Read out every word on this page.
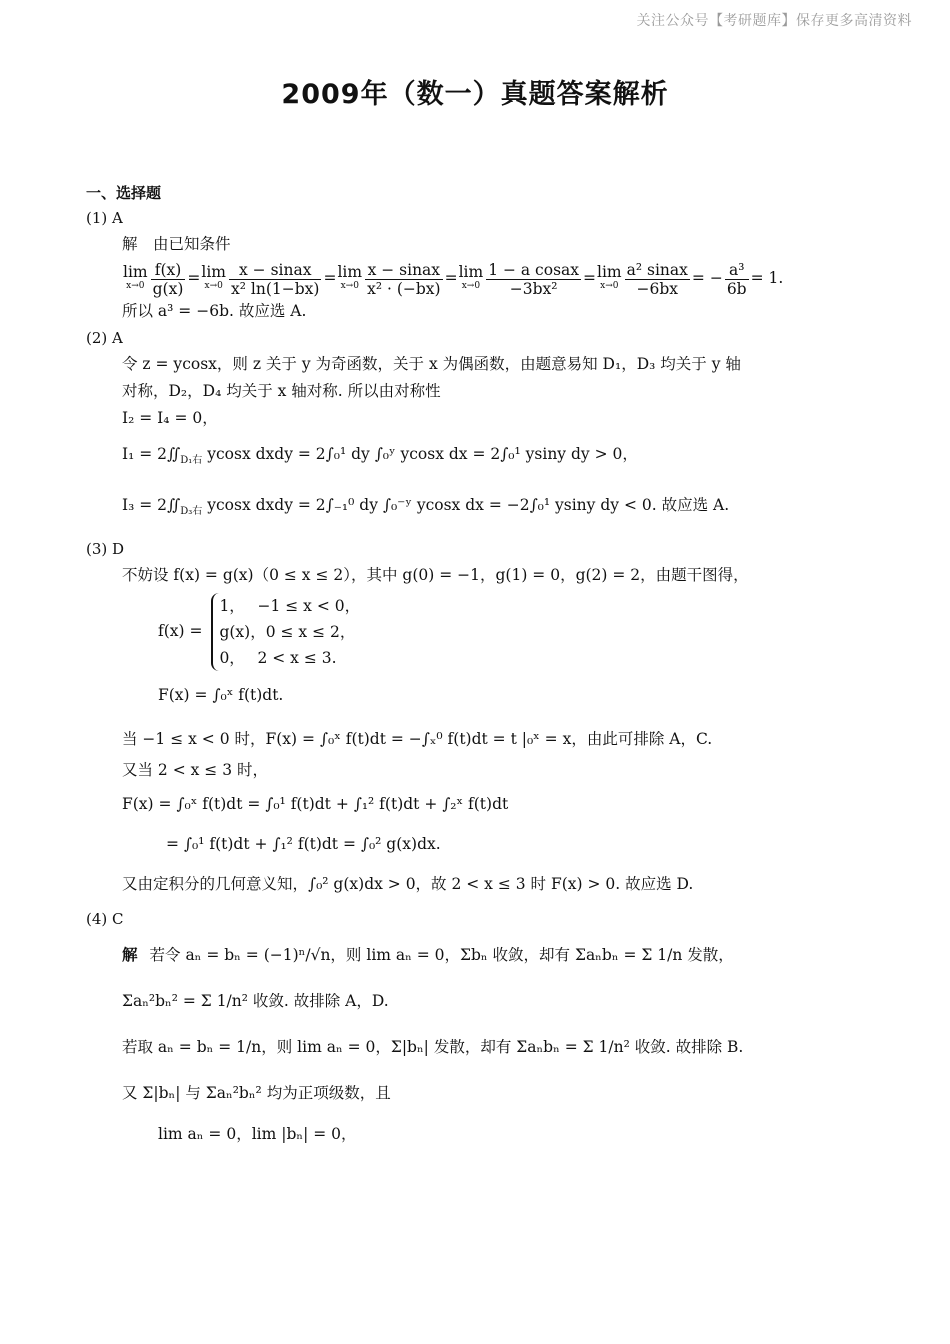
关注公众号【考研题库】保存更多高清资料
2009年（数一）真题答案解析
一、选择题
(1) A
解　由已知条件
lim
$x\to 0 \frac{f(x)}{g(x)} =\lim$
$x\to 0 \frac{\text{x − sinax}}{\text{x² ln(1−bx)}} =\lim$
$x\to 0 \frac{\text{x − sinax}}{\text{x² · (−bx)}} =\lim$
$x\to 0 \frac{\text{1 − a cosax}}{\text{−3bx²}} =\lim$
$x\to 0 \frac{\text{a² sinax}}{-6bx}$ = − $\frac{\text{a³}}{6b} = 1$.
所以 a³ = −6b. 故应选 A.
(2) A
令 z = ycosx，则 z 关于 y 为奇函数，关于 x 为偶函数，由题意易知 D₁，D₃ 均关于 y 轴
对称，D₂，D₄ 均关于 x 轴对称. 所以由对称性
I₂ = I₄ = 0，
$I_1 = 2∬_{D_1右}$ ycosx dxdy = 2∫₀¹ dy ∫₀ʸ ycosx dx = 2∫₀¹ ysiny dy > 0，
$I_3 = 2∬_{D_3右}$ ycosx dxdy = 2∫₋₁⁰ dy ∫₀⁻ʸ ycosx dx = −2∫₀¹ ysiny dy < 0. 故应选 A.
(3) D
不妨设 f(x) = g(x)（0 ≤ x ≤ 2），其中 g(0) = −1，g(1) = 0，g(2) = 2，由题干图得，
f(x) =
1，　 −1 ≤ x < 0，
g(x)，0 ≤ x ≤ 2，
0，　 2 < x ≤ 3.
F(x) = ∫₀ˣ f(t)dt.
当 −1 ≤ x < 0 时，F(x) = ∫₀ˣ f(t)dt = −∫ₓ⁰ f(t)dt = t |₀ˣ = x，由此可排除 A，C.
又当 2 < x ≤ 3 时，
F(x) = ∫₀ˣ f(t)dt = ∫₀¹ f(t)dt + ∫₁² f(t)dt + ∫₂ˣ f(t)dt
= ∫₀¹ f(t)dt + ∫₁² f(t)dt = ∫₀² g(x)dx.
又由定积分的几何意义知，∫₀² g(x)dx > 0，故 2 < x ≤ 3 时 F(x) > 0. 故应选 D.
(4) C
解 若令 aₙ = bₙ = (−1)ⁿ/√n，则 lim aₙ = 0，Σbₙ 收敛，却有 Σaₙbₙ = Σ 1/n 发散，
Σaₙ²bₙ² = Σ 1/n² 收敛. 故排除 A，D.
若取 aₙ = bₙ = 1/n，则 lim aₙ = 0，Σ|bₙ| 发散，却有 Σaₙbₙ = Σ 1/n² 收敛. 故排除 B.
又 Σ|bₙ| 与 Σaₙ²bₙ² 均为正项级数，且
lim aₙ = 0，lim |bₙ| = 0，
